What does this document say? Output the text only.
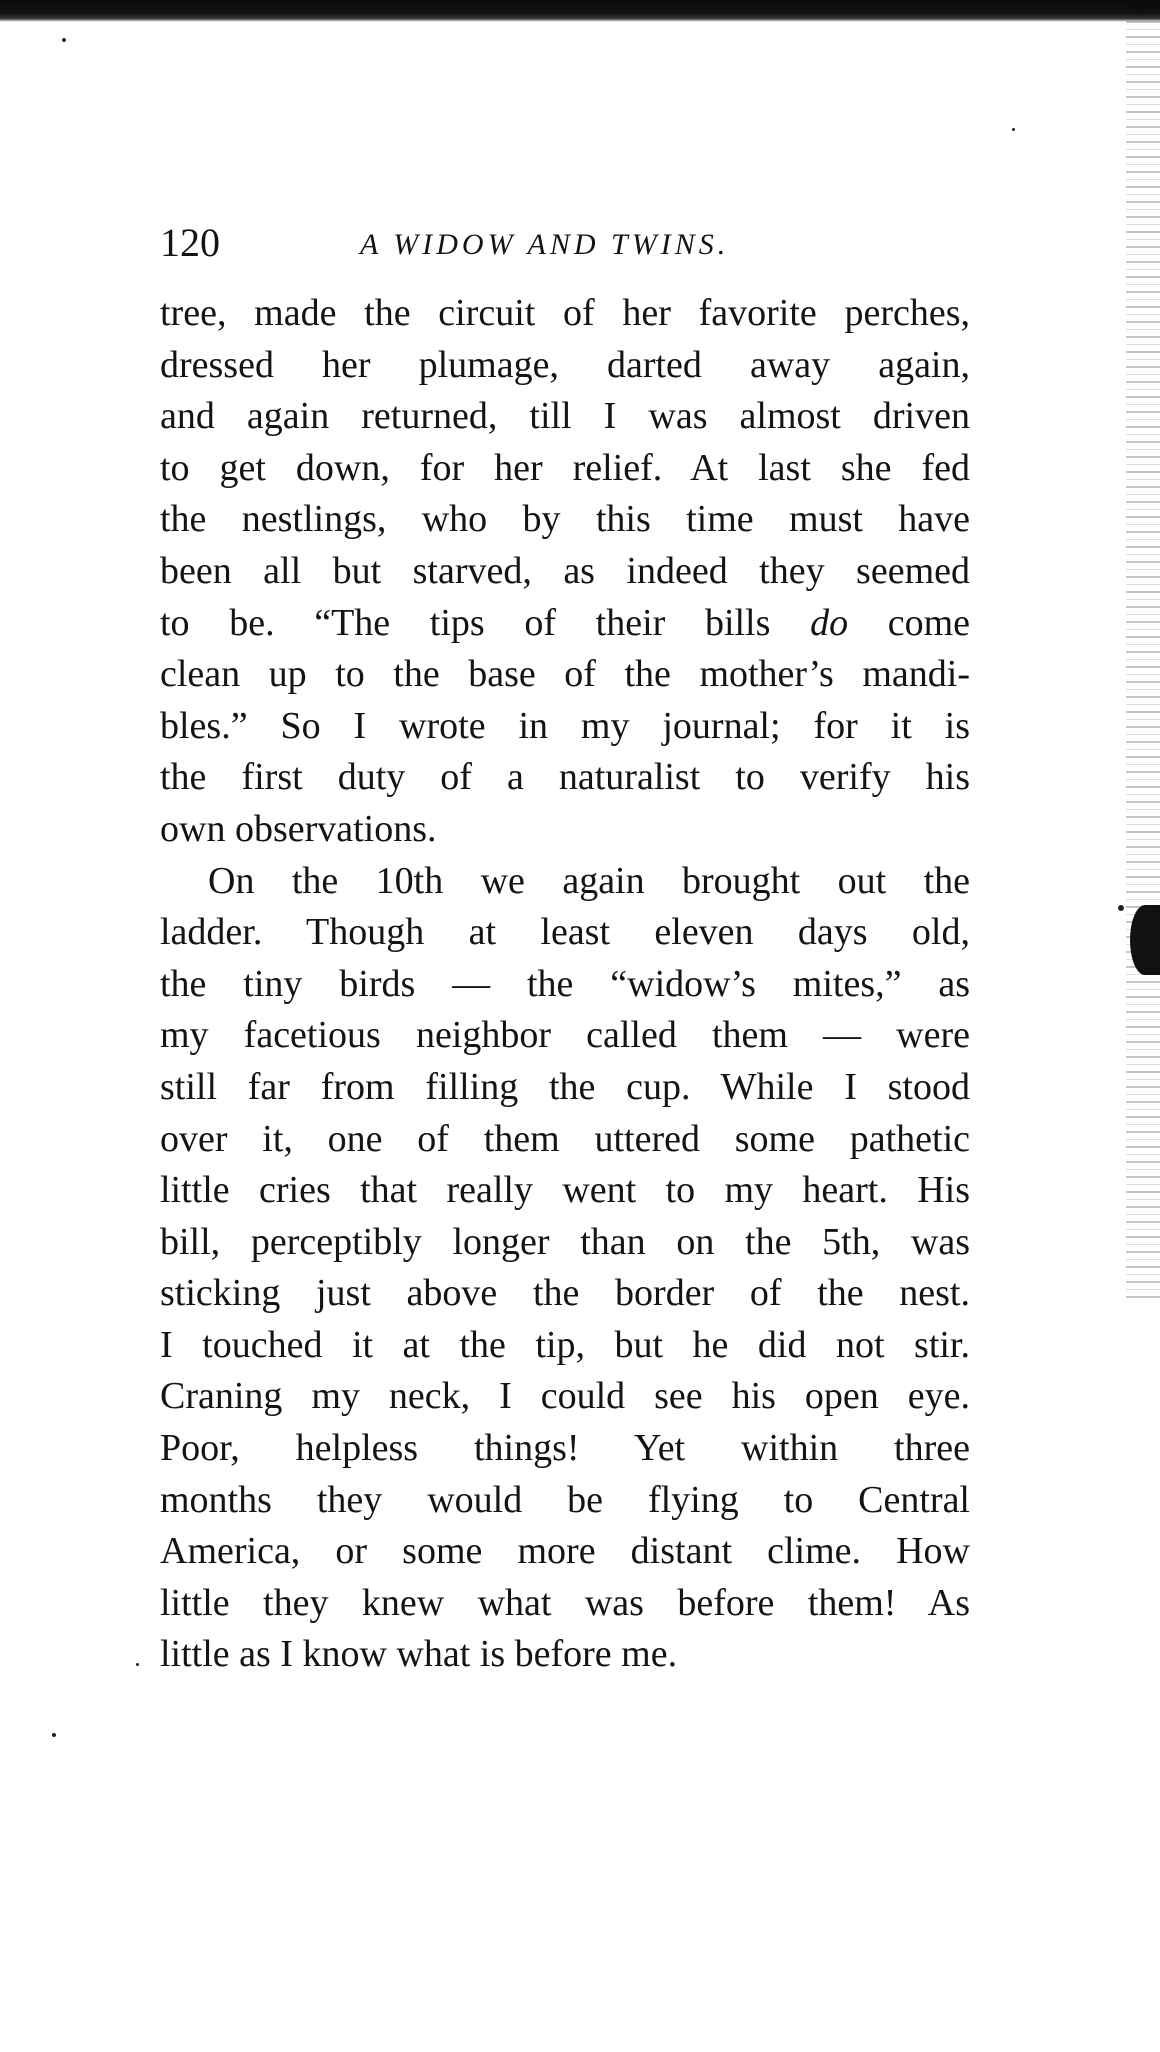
120	A WIDOW AND TWINS.
tree, made the circuit of her favorite perches,
dressed her plumage, darted away again,
and again returned, till I was almost driven
to get down, for her relief. At last she fed
the nestlings, who by this time must have
been all but starved, as indeed they seemed
to be. “The tips of their bills do come
clean up to the base of the mother’s mandi-
bles.” So I wrote in my journal; for it is
the first duty of a naturalist to verify his
own observations.
On the 10th we again brought out the
ladder. Though at least eleven days old,
the tiny birds — the “widow’s mites,” as
my facetious neighbor called them — were
still far from filling the cup. While I stood
over it, one of them uttered some pathetic
little cries that really went to my heart. His
bill, perceptibly longer than on the 5th, was
sticking just above the border of the nest.
I touched it at the tip, but he did not stir.
Craning my neck, I could see his open eye.
Poor, helpless things! Yet within three
months they would be flying to Central
America, or some more distant clime. How
little they knew what was before them! As
little as I know what is before me.
